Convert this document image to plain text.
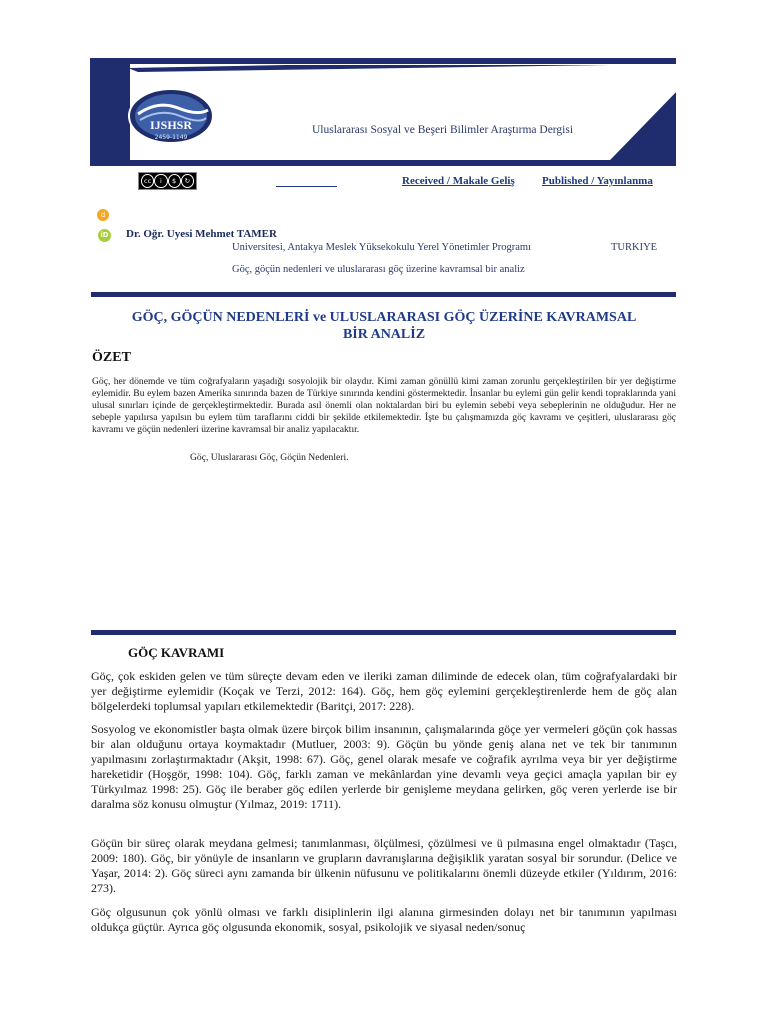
IJSHSR
2459-1149
Uluslararası Sosyal ve Beşeri Bilimler Araştırma Dergisi
cc	i	$	↻	Received / Makale Geliş Published / Yayınlanma
d
iD Dr. Oğr. Uyesi Mehmet TAMER
Universitesi, Antakya Meslek Yüksekokulu Yerel Yönetimler Programı	TURKIYE
Göç, göçün nedenleri ve uluslararası göç üzerine kavramsal bir analiz
GÖÇ, GÖÇÜN NEDENLERİ ve ULUSLARARASI GÖÇ ÜZERİNE KAVRAMSAL
BİR ANALİZ
ÖZET
Göç, her dönemde ve tüm coğrafyaların yaşadığı sosyolojik bir olaydır. Kimi zaman gönüllü kimi zaman zorunlu gerçekleştirilen bir yer değiştirme eylemidir. Bu eylem bazen Amerika sınırında bazen de Türkiye sınırında kendini göstermektedir. İnsanlar bu eylemi gün gelir kendi topraklarında yani ulusal sınırları içinde de gerçekleştirmektedir. Burada asıl önemli olan noktalardan biri bu eylemin sebebi veya sebeplerinin ne olduğudur. Her ne sebeple yapılırsa yapılsın bu eylem tüm taraflarını ciddi bir şekilde etkilemektedir. İşte bu çalışmamızda göç kavramı ve çeşitleri, uluslararası göç kavramı ve göçün nedenleri üzerine kavramsal bir analiz yapılacaktır.
Göç, Uluslararası Göç, Göçün Nedenleri.
GÖÇ KAVRAMI
Göç, çok eskiden gelen ve tüm süreçte devam eden ve ileriki zaman diliminde de edecek olan, tüm coğrafyalardaki bir yer değiştirme eylemidir (Koçak ve Terzi, 2012: 164). Göç, hem göç eylemini gerçekleştirenlerde hem de göç alan bölgelerdeki toplumsal yapıları etkilemektedir (Baritçi, 2017: 228).
Sosyolog ve ekonomistler başta olmak üzere birçok bilim insanının, çalışmalarında göçe yer vermeleri göçün çok hassas bir alan olduğunu ortaya koymaktadır (Mutluer, 2003: 9). Göçün bu yönde geniş alana net ve tek bir tanımının yapılmasını zorlaştırmaktadır (Akşit, 1998: 67). Göç, genel olarak mesafe ve coğrafik ayrılma veya bir yer değiştirme hareketidir (Hoşgör, 1998: 104). Göç, farklı zaman ve mekânlardan yine devamlı veya geçici amaçla yapılan bir ey Türkyılmaz 1998: 25). Göç ile beraber göç edilen yerlerde bir genişleme meydana gelirken, göç veren yerlerde ise bir daralma söz konusu olmuştur (Yılmaz, 2019: 1711).
Göçün bir süreç olarak meydana gelmesi; tanımlanması, ölçülmesi, çözülmesi ve ü pılmasına engel olmaktadır (Taşcı, 2009: 180). Göç, bir yönüyle de insanların ve grupların davranışlarına değişiklik yaratan sosyal bir sorundur. (Delice ve Yaşar, 2014: 2). Göç süreci aynı zamanda bir ülkenin nüfusunu ve politikalarını önemli düzeyde etkiler (Yıldırım, 2016: 273).
Göç olgusunun çok yönlü olması ve farklı disiplinlerin ilgi alanına girmesinden dolayı net bir tanımının yapılması oldukça güçtür. Ayrıca göç olgusunda ekonomik, sosyal, psikolojik ve siyasal neden/sonuç
